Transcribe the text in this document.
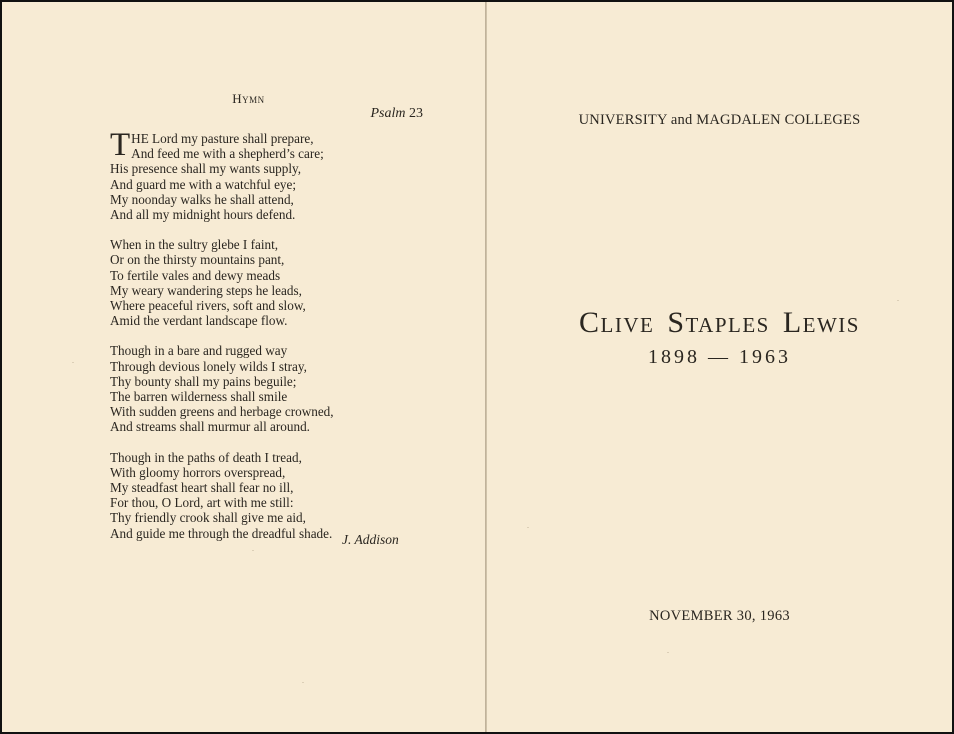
Hymn
Psalm 23
T HE Lord my pasture shall prepare,
And feed me with a shepherd’s care;
His presence shall my wants supply,
And guard me with a watchful eye;
My noonday walks he shall attend,
And all my midnight hours defend.
When in the sultry glebe I faint,
Or on the thirsty mountains pant,
To fertile vales and dewy meads
My weary wandering steps he leads,
Where peaceful rivers, soft and slow,
Amid the verdant landscape flow.
Though in a bare and rugged way
Through devious lonely wilds I stray,
Thy bounty shall my pains beguile;
The barren wilderness shall smile
With sudden greens and herbage crowned,
And streams shall murmur all around.
Though in the paths of death I tread,
With gloomy horrors overspread,
My steadfast heart shall fear no ill,
For thou, O Lord, art with me still:
Thy friendly crook shall give me aid,
And guide me through the dreadful shade. J. Addison
UNIVERSITY and MAGDALEN COLLEGES
Clive Staples Lewis
1898 — 1963
NOVEMBER 30, 1963
